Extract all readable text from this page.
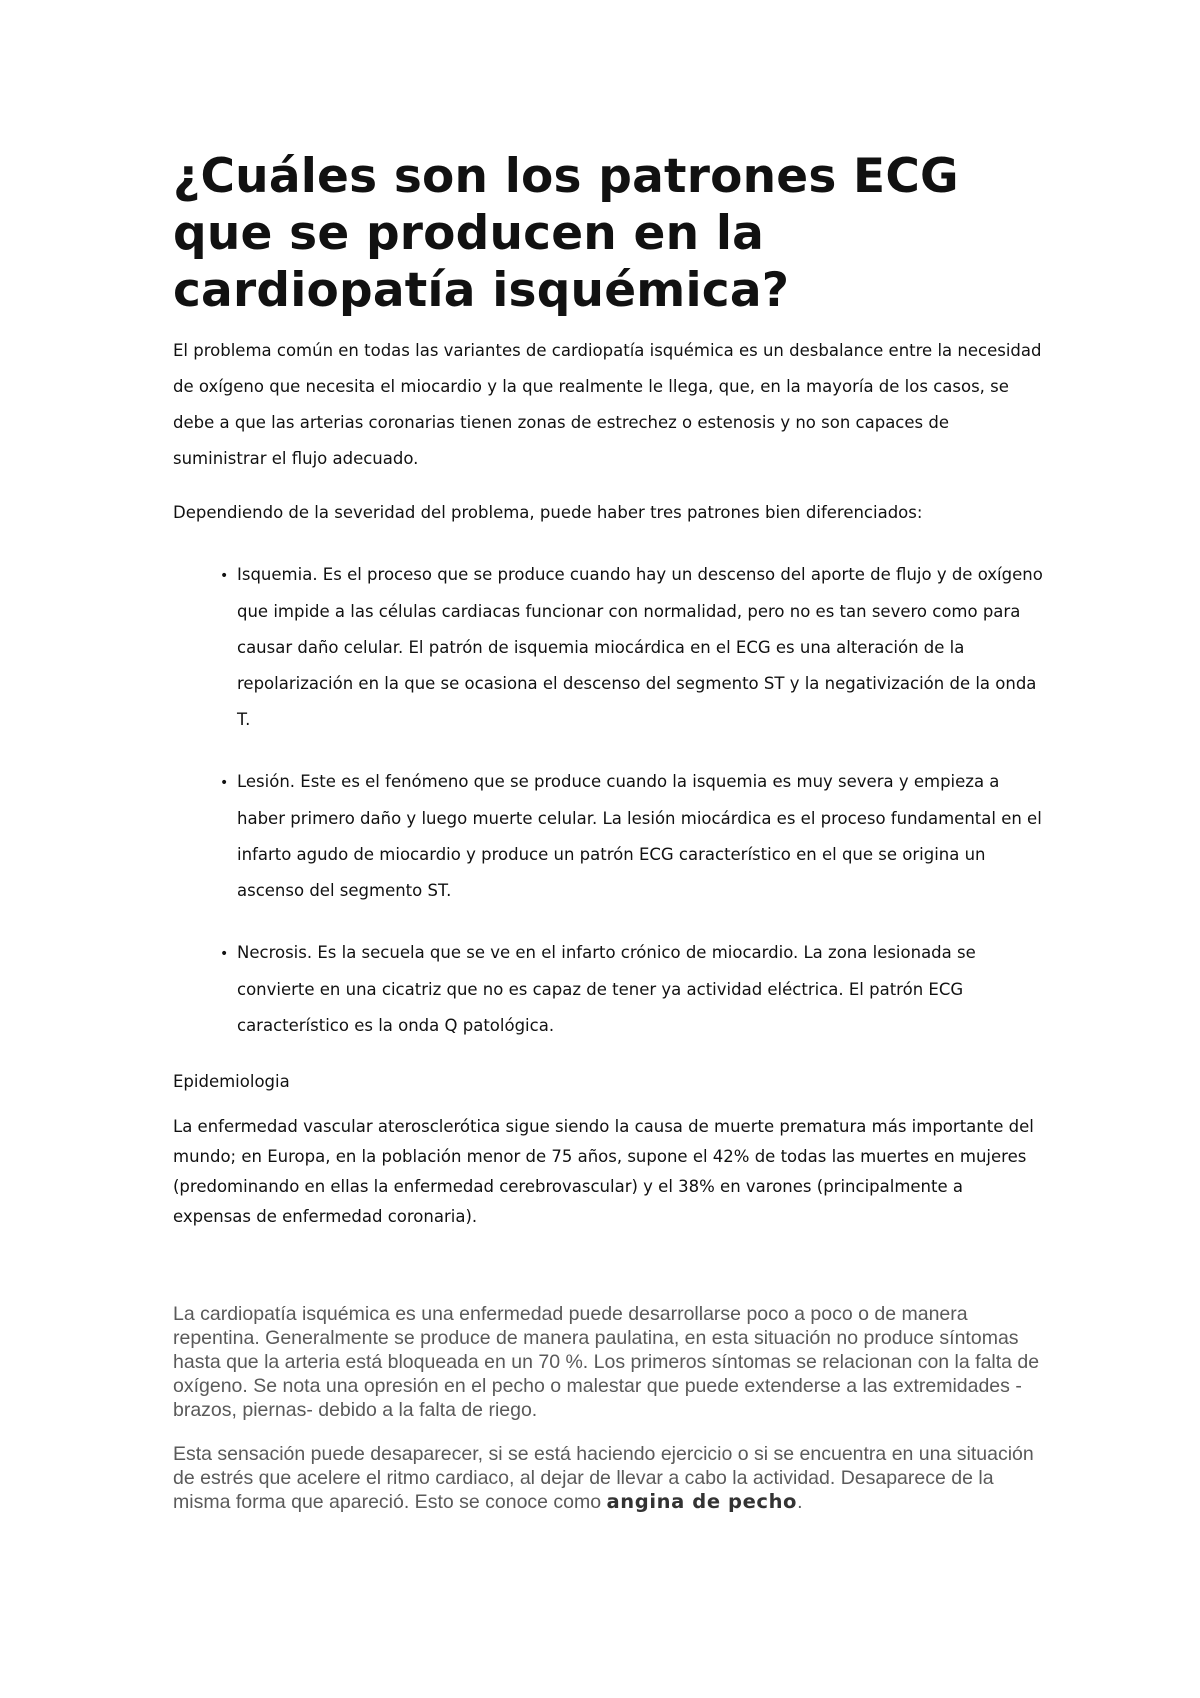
¿Cuáles son los patrones ECG que se producen en la cardiopatía isquémica?

El problema común en todas las variantes de cardiopatía isquémica es un desbalance entre la necesidad de oxígeno que necesita el miocardio y la que realmente le llega, que, en la mayoría de los casos, se debe a que las arterias coronarias tienen zonas de estrechez o estenosis y no son capaces de suministrar el flujo adecuado.

Dependiendo de la severidad del problema, puede haber tres patrones bien diferenciados:

• Isquemia. Es el proceso que se produce cuando hay un descenso del aporte de flujo y de oxígeno que impide a las células cardiacas funcionar con normalidad, pero no es tan severo como para causar daño celular. El patrón de isquemia miocárdica en el ECG es una alteración de la repolarización en la que se ocasiona el descenso del segmento ST y la negativización de la onda T.
• Lesión. Este es el fenómeno que se produce cuando la isquemia es muy severa y empieza a haber primero daño y luego muerte celular. La lesión miocárdica es el proceso fundamental en el infarto agudo de miocardio y produce un patrón ECG característico en el que se origina un ascenso del segmento ST.
• Necrosis. Es la secuela que se ve en el infarto crónico de miocardio. La zona lesionada se convierte en una cicatriz que no es capaz de tener ya actividad eléctrica. El patrón ECG característico es la onda Q patológica.

Epidemiologia

La enfermedad vascular aterosclerótica sigue siendo la causa de muerte prematura más importante del mundo; en Europa, en la población menor de 75 años, supone el 42% de todas las muertes en mujeres (predominando en ellas la enfermedad cerebrovascular) y el 38% en varones (principalmente a expensas de enfermedad coronaria).

La cardiopatía isquémica es una enfermedad puede desarrollarse poco a poco o de manera repentina. Generalmente se produce de manera paulatina, en esta situación no produce síntomas hasta que la arteria está bloqueada en un 70 %. Los primeros síntomas se relacionan con la falta de oxígeno. Se nota una opresión en el pecho o malestar que puede extenderse a las extremidades -brazos, piernas- debido a la falta de riego.

Esta sensación puede desaparecer, si se está haciendo ejercicio o si se encuentra en una situación de estrés que acelere el ritmo cardiaco, al dejar de llevar a cabo la actividad. Desaparece de la misma forma que apareció. Esto se conoce como angina de pecho.
